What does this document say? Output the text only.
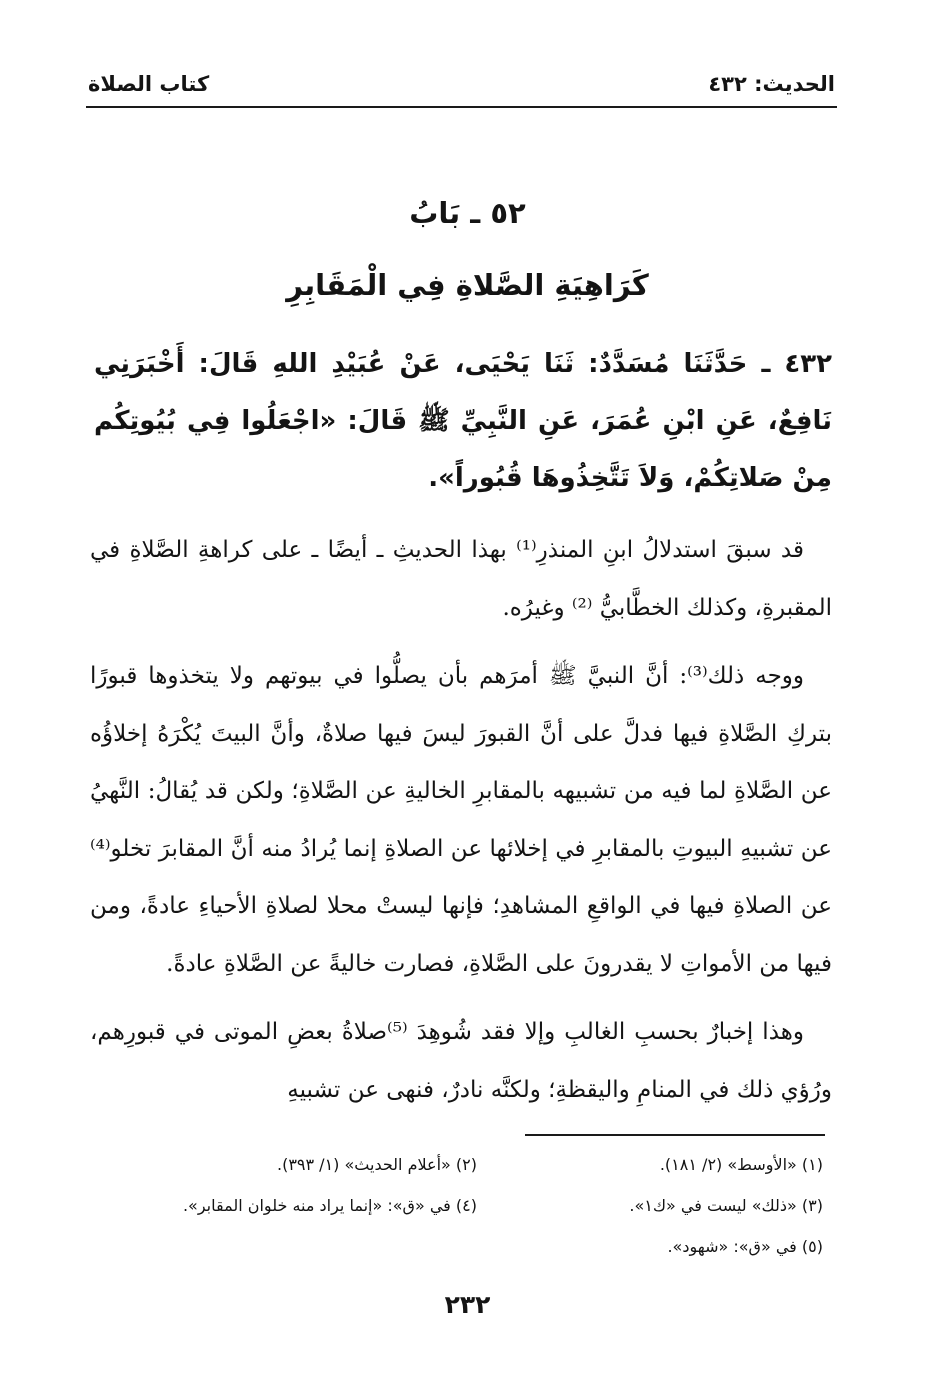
الحديث: ٤٣٢
كتاب الصلاة
٥٢ ـ بَابُ
كَرَاهِيَةِ الصَّلاةِ فِي الْمَقَابِرِ
٤٣٢ ـ حَدَّثَنَا مُسَدَّدٌ: ثَنَا يَحْيَى، عَنْ عُبَيْدِ اللهِ قَالَ: أَخْبَرَنِي نَافِعٌ، عَنِ ابْنِ عُمَرَ، عَنِ النَّبِيِّ ﷺ قَالَ: «اجْعَلُوا فِي بُيُوتِكُم مِنْ صَلاتِكُمْ، وَلاَ تَتَّخِذُوهَا قُبُوراً».

قد سبقَ استدلالُ ابنِ المنذرِ⁽¹⁾ بهذا الحديثِ ـ أيضًا ـ على كراهةِ الصَّلاةِ في المقبرةِ، وكذلك الخطَّابيُّ ⁽²⁾ وغيرُه.

ووجه ذلك⁽³⁾: أنَّ النبيَّ ﷺ أمرَهم بأن يصلُّوا في بيوتهم ولا يتخذوها قبورًا بتركِ الصَّلاةِ فيها فدلَّ على أنَّ القبورَ ليسَ فيها صلاةٌ، وأنَّ البيتَ يُكْرَهُ إخلاؤُه عن الصَّلاةِ لما فيه من تشبيهه بالمقابرِ الخاليةِ عن الصَّلاةِ؛ ولكن قد يُقالُ: النَّهيُ عن تشبيهِ البيوتِ بالمقابرِ في إخلائها عن الصلاةِ إنما يُرادُ منه أنَّ المقابرَ تخلو⁽⁴⁾ عن الصلاةِ فيها في الواقعِ المشاهدِ؛ فإنها ليستْ محلا لصلاةِ الأحياءِ عادةً، ومن فيها من الأمواتِ لا يقدرونَ على الصَّلاةِ، فصارت خاليةً عن الصَّلاةِ عادةً.

وهذا إخبارٌ بحسبِ الغالبِ وإلا فقد شُوهِدَ ⁽⁵⁾صلاةُ بعضِ الموتى في قبورِهم، ورُؤي ذلك في المنامِ واليقظةِ؛ ولكنَّه نادرٌ، فنهى عن تشبيهِ

(١) «الأوسط» (٢/ ١٨١).
(٢) «أعلام الحديث» (١/ ٣٩٣).
(٣) «ذلك» ليست في «ك١».
(٤) في «ق»: «إنما يراد منه خلوان المقابر».
(٥) في «ق»: «شهود».
٢٣٢
